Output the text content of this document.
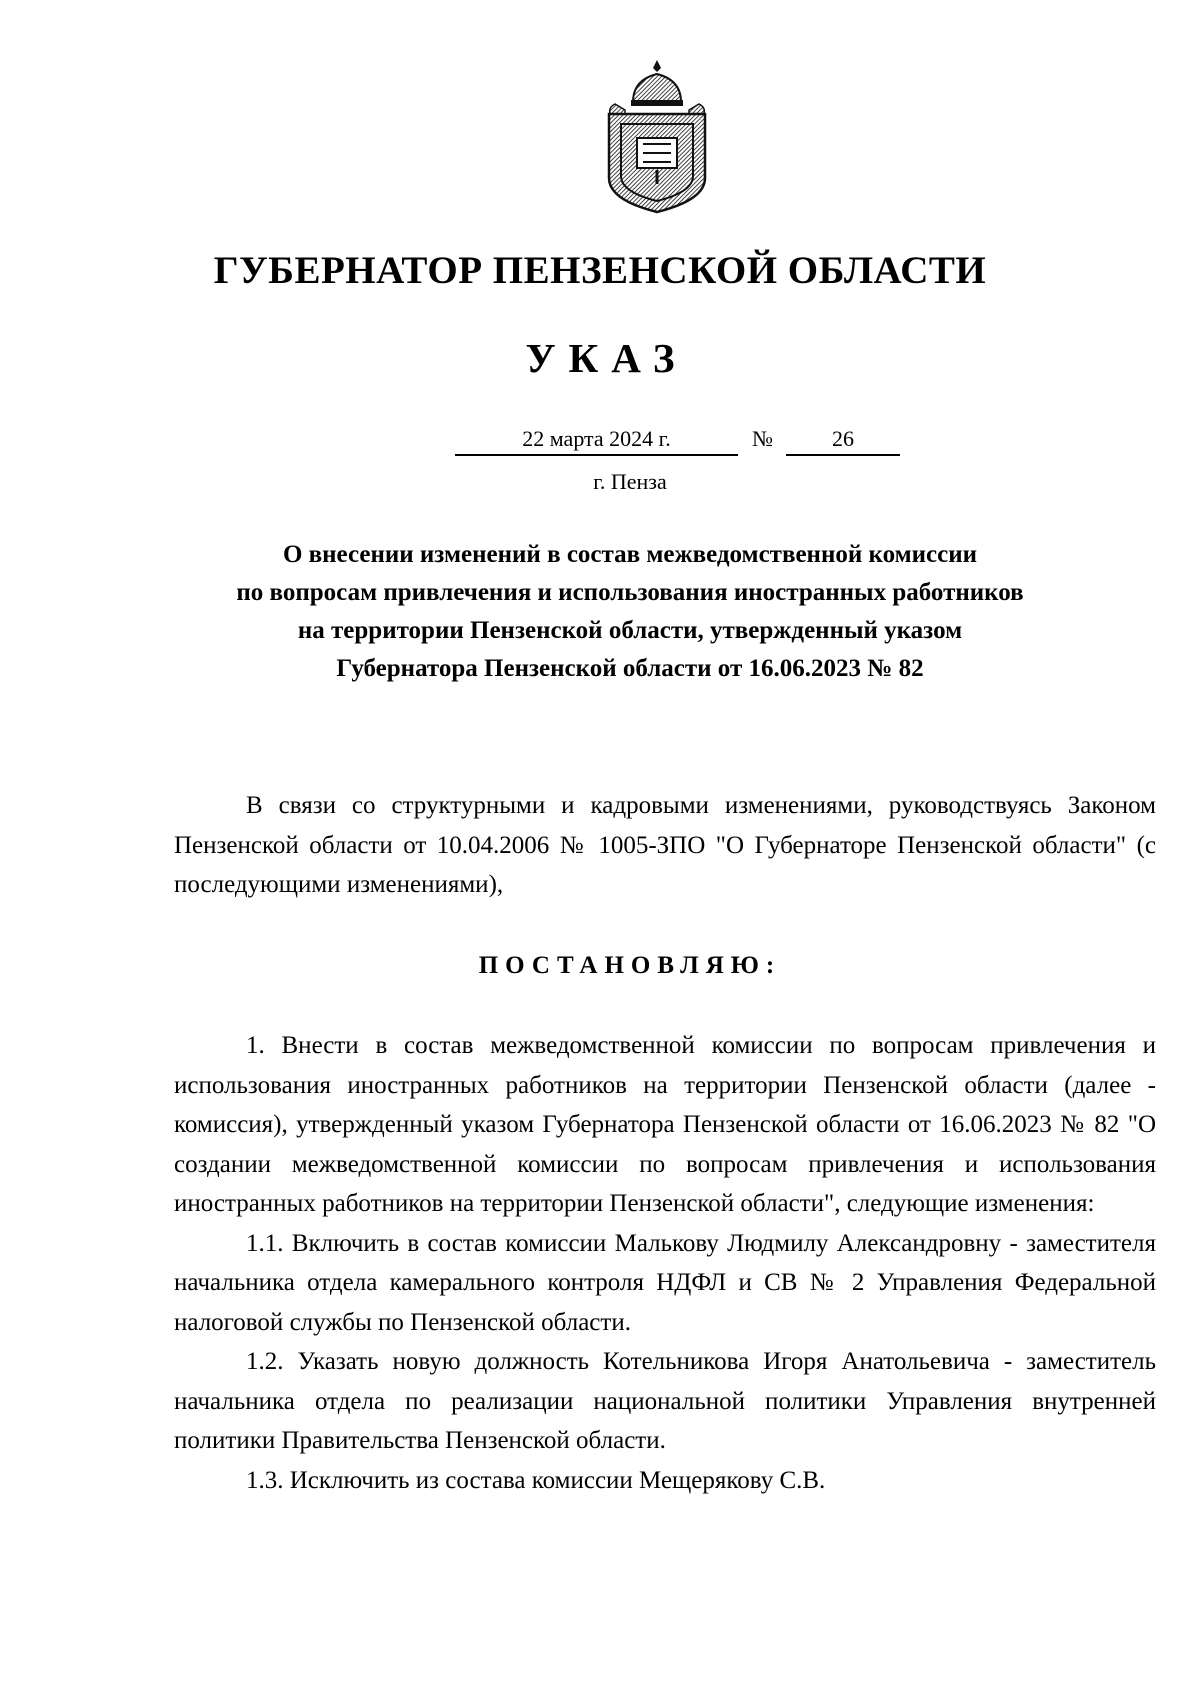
ГУБЕРНАТОР ПЕНЗЕНСКОЙ ОБЛАСТИ
УКАЗ
22 марта 2024 г.	№	26
г. Пенза
О внесении изменений в состав межведомственной комиссии
по вопросам привлечения и использования иностранных работников
на территории Пензенской области, утвержденный указом
Губернатора Пензенской области от 16.06.2023 № 82

В связи со структурными и кадровыми изменениями, руководствуясь Законом Пензенской области от 10.04.2006 № 1005-ЗПО "О Губернаторе Пензенской области" (с последующими изменениями),

ПОСТАНОВЛЯЮ:

1. Внести в состав межведомственной комиссии по вопросам привлечения и использования иностранных работников на территории Пензенской области (далее - комиссия), утвержденный указом Губернатора Пензенской области от 16.06.2023 № 82 "О создании межведомственной комиссии по вопросам привлечения и использования иностранных работников на территории Пензенской области", следующие изменения:

1.1. Включить в состав комиссии Малькову Людмилу Александровну - заместителя начальника отдела камерального контроля НДФЛ и СВ № 2 Управления Федеральной налоговой службы по Пензенской области.

1.2. Указать новую должность Котельникова Игоря Анатольевича - заместитель начальника отдела по реализации национальной политики Управления внутренней политики Правительства Пензенской области.

1.3. Исключить из состава комиссии Мещерякову С.В.
